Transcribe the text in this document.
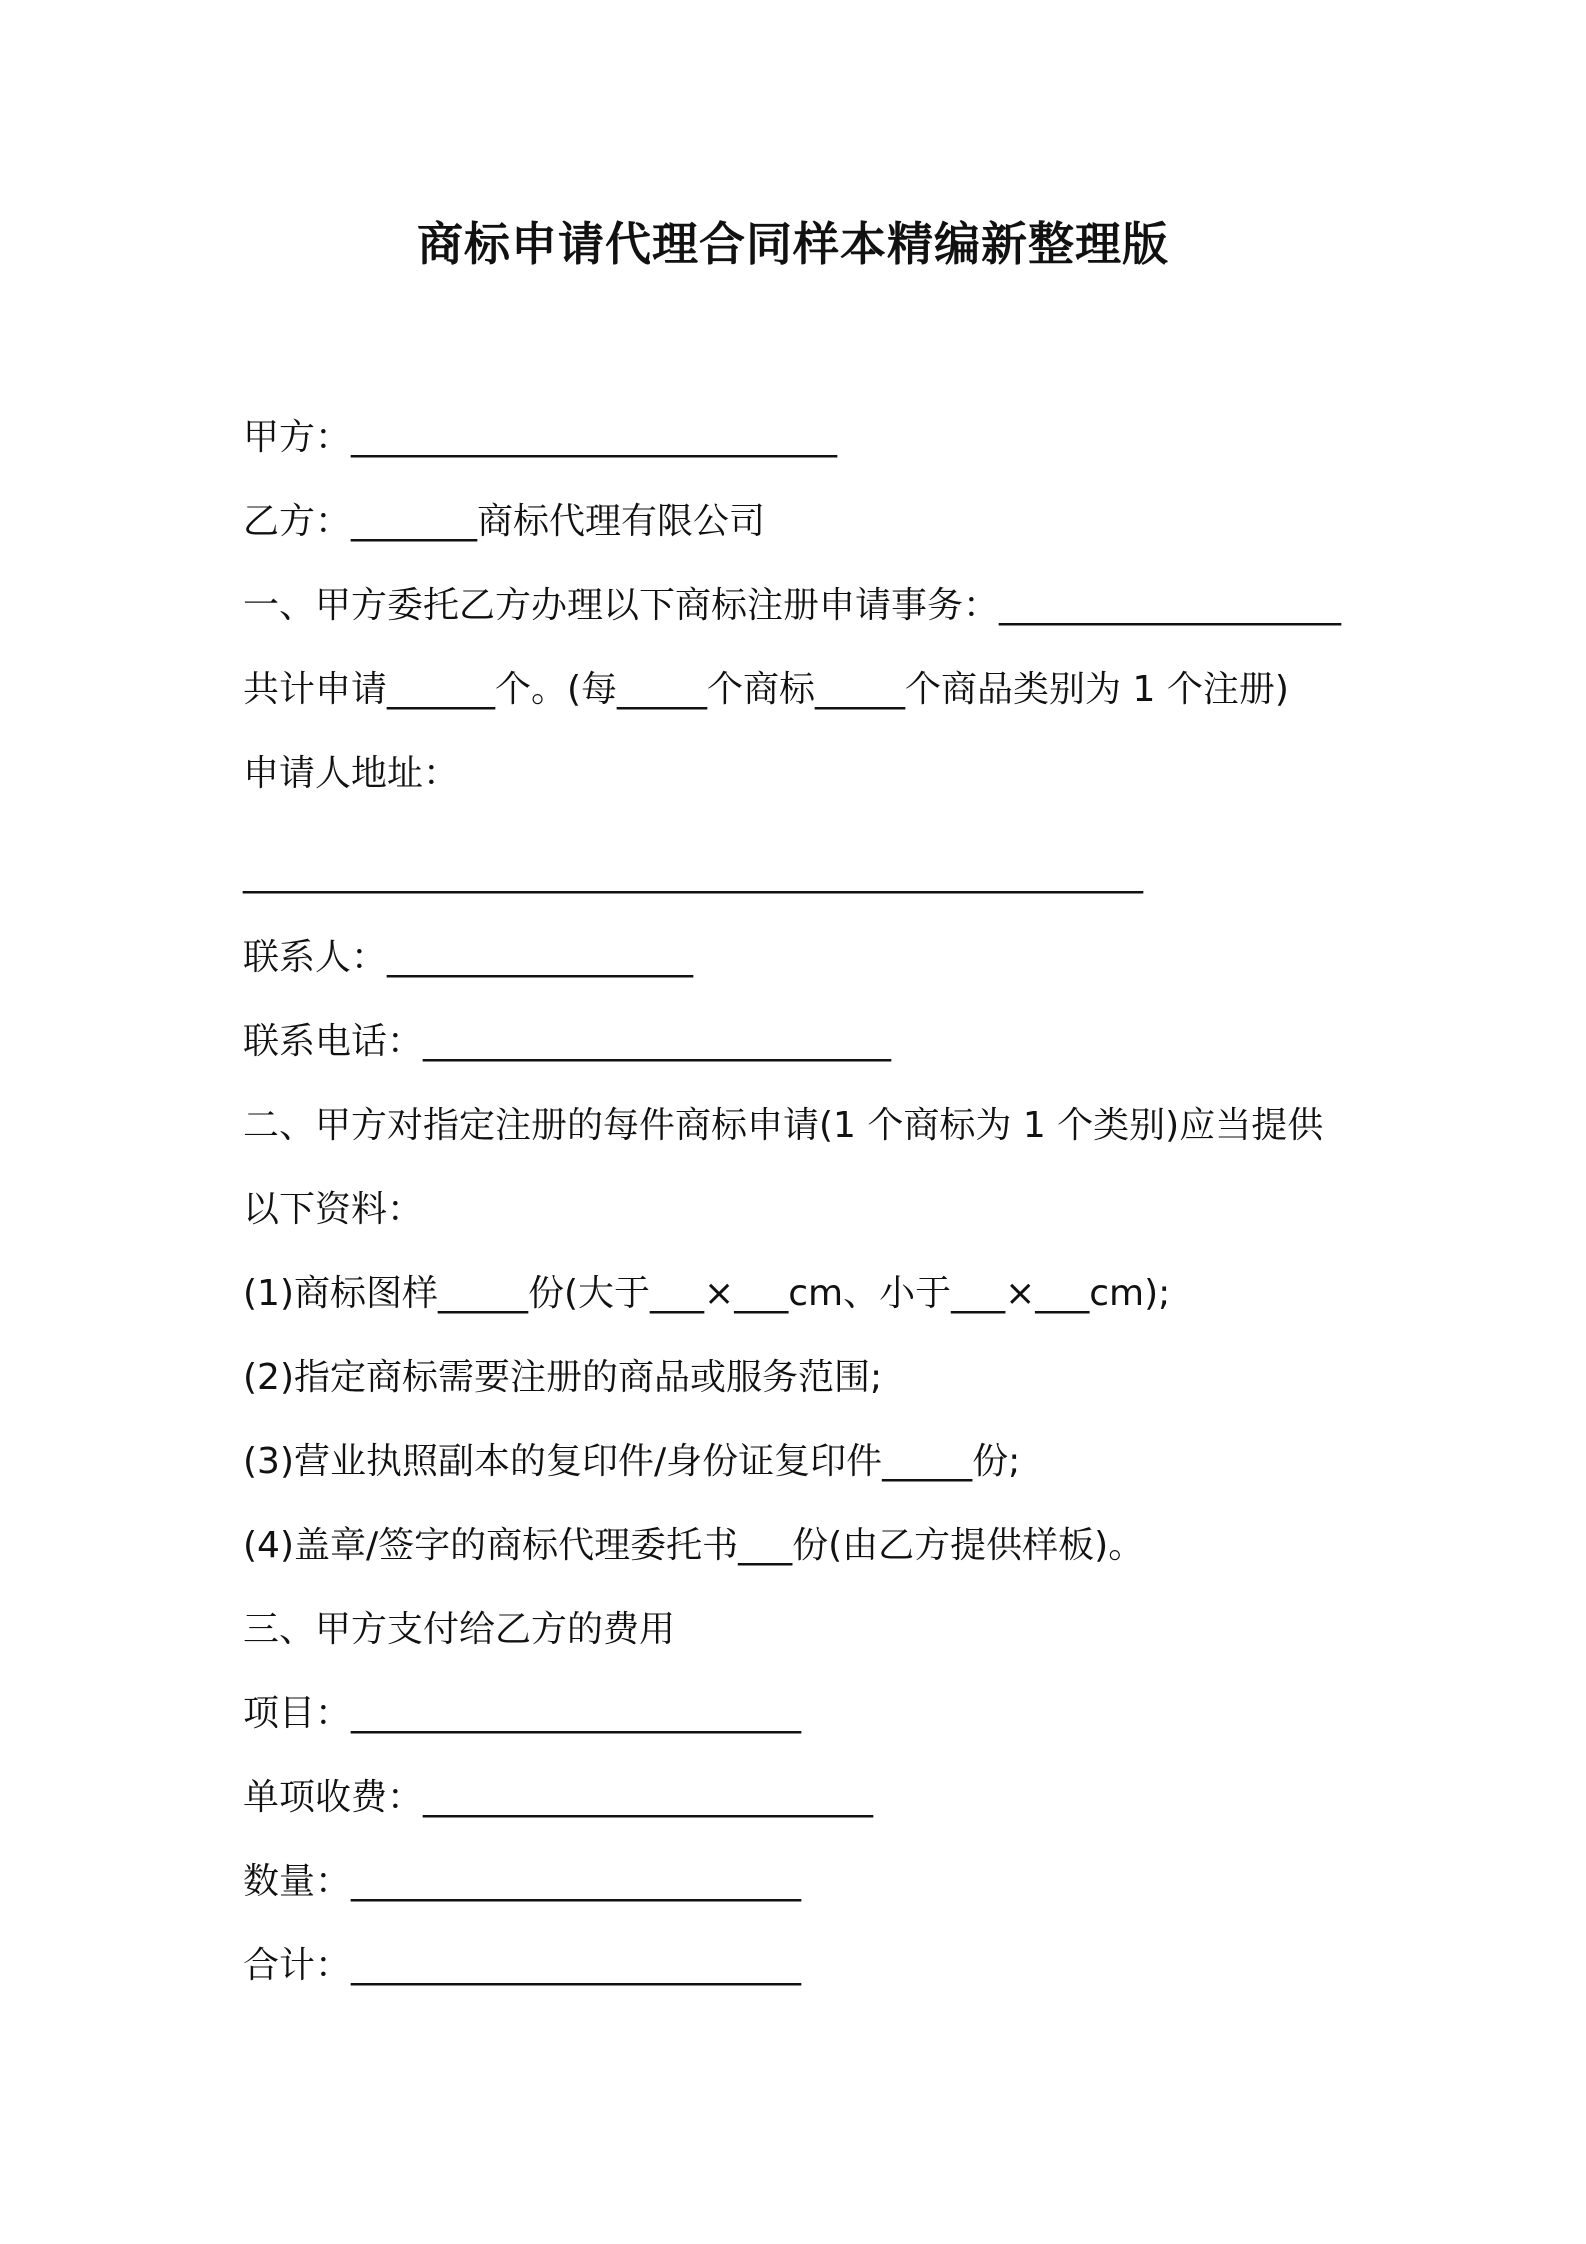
商标申请代理合同样本精编新整理版
甲方：___________________________
乙方：_______商标代理有限公司
一、甲方委托乙方办理以下商标注册申请事务：___________________
共计申请______个。(每_____个商标_____个商品类别为 1 个注册)
申请人地址：
__________________________________________________
联系人：_________________
联系电话：__________________________
二、甲方对指定注册的每件商标申请(1 个商标为 1 个类别)应当提供
以下资料：
(1)商标图样_____份(大于___×___cm、小于___×___cm);
(2)指定商标需要注册的商品或服务范围;
(3)营业执照副本的复印件/身份证复印件_____份;
(4)盖章/签字的商标代理委托书___份(由乙方提供样板)。
三、甲方支付给乙方的费用
项目：_________________________
单项收费：_________________________
数量：_________________________
合计：_________________________
